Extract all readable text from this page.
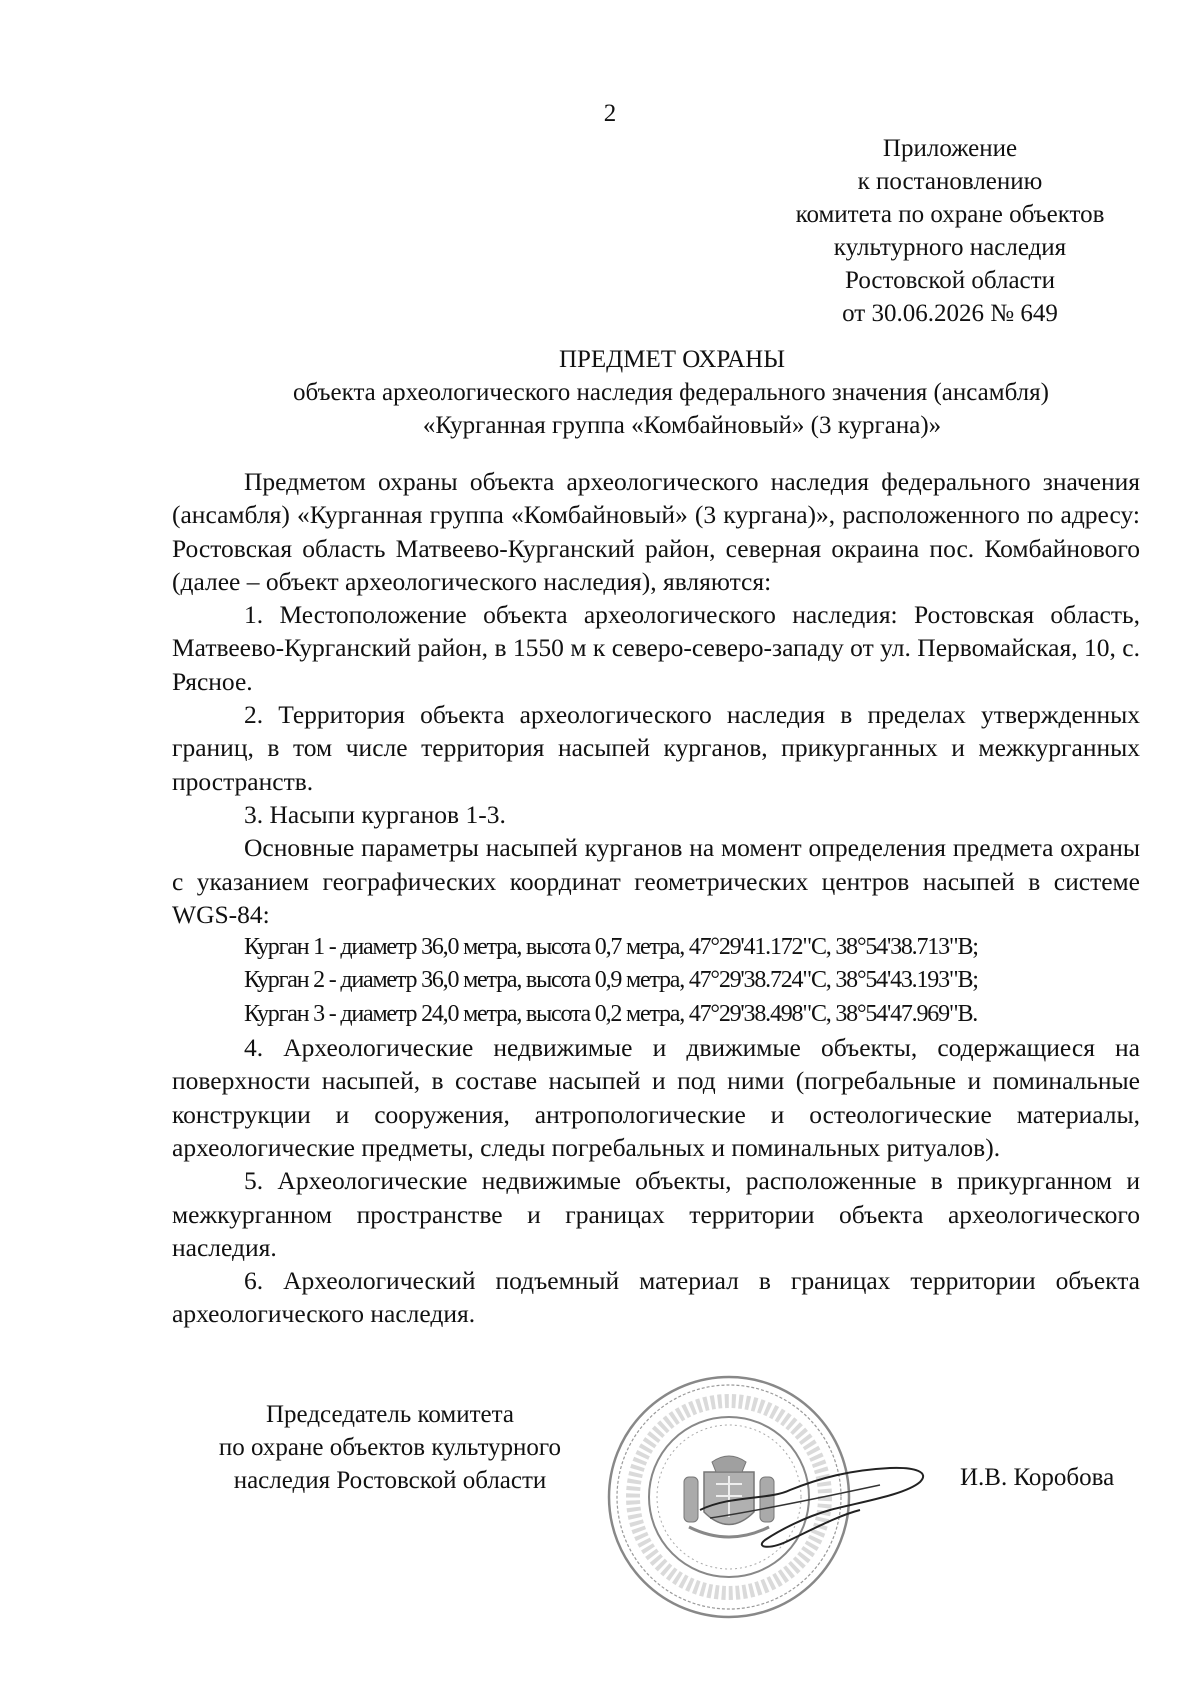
2
Приложение
к постановлению
комитета по охране объектов
культурного наследия
Ростовской области
от 30.06.2026 № 649
ПРЕДМЕТ ОХРАНЫ
объекта археологического наследия федерального значения (ансамбля)
«Курганная группа «Комбайновый» (3 кургана)»

Предметом охраны объекта археологического наследия федерального значения (ансамбля) «Курганная группа «Комбайновый» (3 кургана)», расположенного по адресу: Ростовская область Матвеево-Курганский район, северная окраина пос. Комбайнового (далее – объект археологического наследия), являются:

1. Местоположение объекта археологического наследия: Ростовская область, Матвеево-Курганский район, в 1550 м к северо-северо-западу от ул. Первомайская, 10, с. Рясное.

2. Территория объекта археологического наследия в пределах утвержденных границ, в том числе территория насыпей курганов, прикурганных и межкурганных пространств.

3. Насыпи курганов 1-3.

Основные параметры насыпей курганов на момент определения предмета охраны с указанием географических координат геометрических центров насыпей в системе WGS-84:

Курган 1 - диаметр 36,0 метра, высота 0,7 метра, 47°29'41.172"С, 38°54'38.713"В;

Курган 2 - диаметр 36,0 метра, высота 0,9 метра, 47°29'38.724"С, 38°54'43.193"В;

Курган 3 - диаметр 24,0 метра, высота 0,2 метра, 47°29'38.498"С, 38°54'47.969"В.

4. Археологические недвижимые и движимые объекты, содержащиеся на поверхности насыпей, в составе насыпей и под ними (погребальные и поминальные конструкции и сооружения, антропологические и остеологические материалы, археологические предметы, следы погребальных и поминальных ритуалов).

5. Археологические недвижимые объекты, расположенные в прикурганном и межкурганном пространстве и границах территории объекта археологического наследия.

6. Археологический подъемный материал в границах территории объекта археологического наследия.

Председатель комитета
по охране объектов культурного
наследия Ростовской области	И.В. Коробова
